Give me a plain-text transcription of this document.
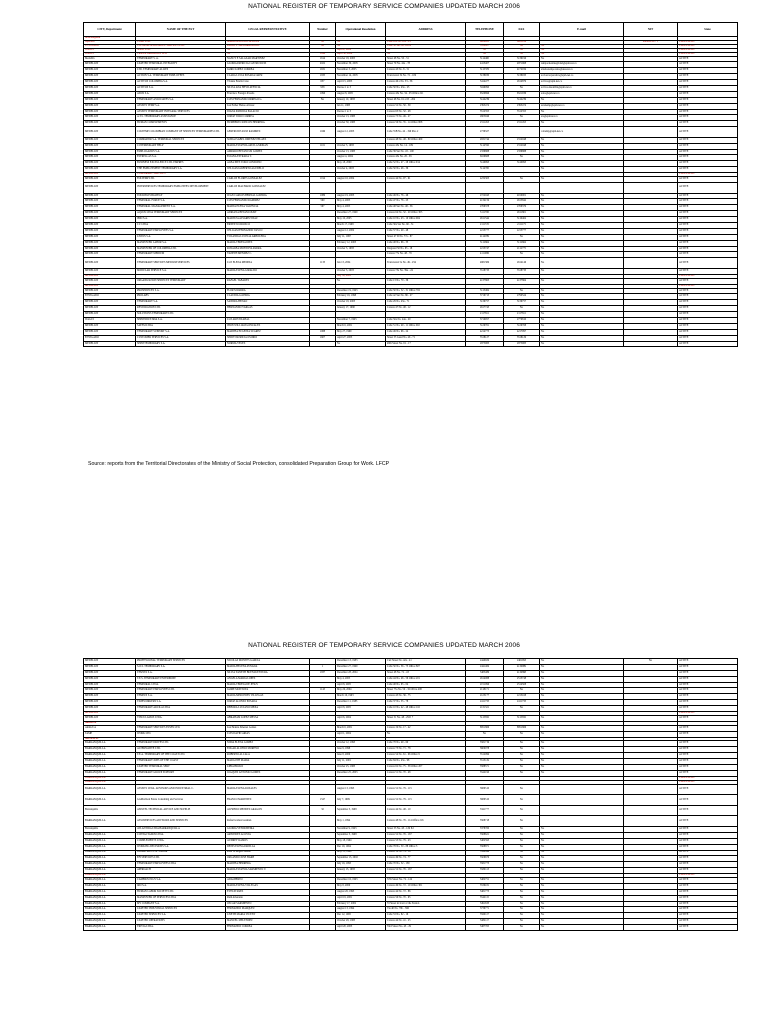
NATIONAL REGISTER OF TEMPORARY SERVICE COMPANIES UPDATED MARCH 2006
CITY, Department	NAME OF THE EST	LEGAL REPRESENTATIVE	Number	Operational Resolution	ADDRESS	TELEPHONE	FAX	E-mail	NIT	State
ANTIOQUIA										
Apartadó	TEMP. LTD.	MARIO ANTONIO BEDOYA	No	No	Calle 100 No. 100 - 23	8280923	8281919		890004700 - 1	CANCELLED
ENVIGADO	TECNICAL ASSISTANCE SERVICES LTD.	PABLO E SALDARRIAGA R.	No	No	Calle 38 Sur No. 43-22	3310007	No	No		CANCELLED
ITAGÜI	SERVI LTD.	No		April 2, 2004	No	No	No	No		CANCELLED
ITAGÜI	TRANSFORMACION LTD.	No	1046	April 30, 2004	No	No	No	No		CANCELLED
Medellín	TEMPORARY S. A.	NANCY E SALAZAR MARTINEZ	1614	October 18, 2005	Street 48 No. 50 - 31	5114460	5139196	No		ACTIVE
MEDELLIN	LIGHTED TEMPORAL INTEGRITY	GLORIA PATRICIA CASTRO RUIZ	2022	November 30, 2005	Street 79 No. 42a - 78	4413407	4871968	temporalesintegridad@epm.net.co		ACTIVE
MEDELLIN	LTD. TEMPORARY ALLIES	JAIRO LOPEZ CORREA	1631	November 3, 2005	Carrera 43 No. 8 - 51	5115376	4172034	aliadostemporales@une.net.co		ACTIVE
MEDELLIN	ACTION S.A. TEMPORARY EMPLOYEES	CLARA LUCIA POSADA GRISI	1935	November 14, 2005	Transversal 34 No. 72 - 109	3138930	3138933	accioncorporativa@epm.net.co		ACTIVE
MEDELLIN	ACTIVOS COLOMBIA S.A.	Viviana Estella Cano	637	April 15, 2005	Carrera 46 a No. 53 - 36	5414477	2614879	activos@epm.net.co		ACTIVE
MEDELLIN	ACTIVOS S.A.	SILVIA ANA HEYD ATENCIA	958	Decree 1 to 3	Calle 50 No. 43a - 25	5049090	No	activos.medellin@epm.net.co		ACTIVE
MEDELLIN	ADOS S.A.	Francisco Fonegra Posada	1096	August 8, 2005	Carrera 43a No. 34 - 95 Office 221	6520696	6521936	ados@epm.net.co		ACTIVE
MEDELLIN	TEMPORARY ASSOCIATES S.A.	LUIS FERNANDO ORREGO G.	No	January 10, 1983	Street 48 No. 61 a 65 - 204	5142239	5142239	No		ACTIVE
MEDELLIN	ASSISTS TEMP S.A.	Luz Esther Henao Alvarez		Jan 11, 1983	Carrera 52 No. 50 - 39	2393474	2393474	asistiemp@epm.net.co		ACTIVE
MEDELLIN	ASSISTS TEMPORARY INTEGRAL SERVICES	DIANA PATRICIA PALACIO		Decree 1 to 3	Carrera 63 No. 32 - 48	3512355	3512355	No		ACTIVE
MEDELLIN	A.T.S. TEMPORARY ASSISTANCE	JORGE TORO CORREA		October 13, 1983	Carrera 75 No. 49 - 27	2605946	No	ats@epm.net.co		ACTIVE
MEDELLIN	HUMAN COMPLEMENTS	HUMBERTO RINCON HERRERA		October 30, 1983	Carrera 56 No. 35 - 14 Office 808	2311453	2311453	No		ACTIVE
MEDELLIN	COLTEMP COLOMBIAN COMPANY OF SERVICES TEMPORARIES LTD.	GERTRUDIS RUIZ RAMIREZ	1049	August 12, 2003	Calle 55B No. 42 - 199 Piso 2	2736327		coltemp@epm.net.co		ACTIVE
MEDELLIN	COMPARTIR S.A. TEMPORAL SERVICES	SONIA ISABEL JIMENEZ PELAEZ			Carrera 48 No. 48 - 80 Office 409	2931744	2312048	No		ACTIVE
MEDELLIN	COTEMPORARY HELP	MARIA EUGENIA ARCILA MORAN	1161	October 3, 1983	Carrera 43a No. 14 - 109	5114556	2312048	No		ACTIVE
MEDELLIN	EMPLOGANOS S.A.	AMPARO BETANCUR GOMEZ		October 13, 1983	Calle 39 Sur No. 43 - 100	2336888	2336888	No		ACTIVE
MEDELLIN	ESTRELLAS S.A.	ELIANA ESTRADA T.		August 4, 2004	Carrera 43a No. 20 - 65	6169688	No	No		ACTIVE
MEDELLIN	BUSINESS EXCELLENCE LTD. EMPRES	ALBA INES TORO LONDOÑO		May 18, 2000	Calle 52 No. 47 - 28 Office 914	5140993	5140993	No		ACTIVE
MEDELLIN	THE EMPLOYMENT TEMPORARY S.A.	WILLIAM ALBERTO AGUDELO		October 4, 2003	Calle 50 No. 46 - 36	5114700		No		ACTIVE
MEDELLIN	TEMPORARY SERVICES									CANCELLED
MEDELLIN	FOLTEMP LTD.	CARLOS FLORES GONZALEZ	1014	August 16, 2004	Carrera 44 No. 97 - 91	4232303	No	No		ACTIVE
MEDELLIN	INTERSERVICES TEMPORARY EMPLOYEES DEVELOPMENT	CARLOS MACHADO GONZALEZ								ACTIVE
MEDELLIN	TOURISM STRATEGY	JUAN CARLOS BERNAL GAVIRIA	1089	August 19, 2003	Calle 49 No. 76 - 46	2722043	4010001	No		ACTIVE
MEDELLIN	TEMPORAL FORCE S.A.	LUIS FERNANDO RAMIREZ	590	May 4, 2005	Calle 47 No. 76 - 23	4134159	2615842	No		ACTIVE
MEDELLIN	TEMPORAL MANAGEMENT S.A.	MARTA ELENA VALENCIA	597	May 4, 2005	Calle 48 Sur No. 48 - 56	2766378	2766379	No		ACTIVE
MEDELLIN	AQUOS LTDA TEMPORARY SERVICES	ADRIANA BETANCOURT		December 27, 1999	Carrera 64 No. 32 - 20 Office 305	3111700	2611801	No		ACTIVE
MEDELLIN	IBIO S.A.	MARITZA ALVAREZ DIAZ		May 10, 2005	Calle 10 No. 43 - 10 Office 904	2611544	5116404	No		ACTIVE
MEDELLIN	J.V. LTDA	ERNESTO OROZCO		March 17, 1998	Calle 30a Sur No. 60 - 51	2111725	2111175	No		ACTIVE
MEDELLIN	TEMPORARY EMPLOYEES S.A.	WILLIAM FERNANDO VASCO		August 12, 2002	Calle 57 No. 49 - 48	2213777	2213777	No		ACTIVE
MEDELLIN	LISTOS S.A.	YOLANDA LUCELIA ARBOLEDA		July 11, 1997	Street 47 D No. 77a - 87	4114039	No	No		ACTIVE
MEDELLIN	MANPOWER LABOR S.A.	MARIA TERESA DIEZ		February 12, 2003	Calle 48 No. 66 - 33	5112664	5112664	No		ACTIVE
MEDELLIN	MANPOWER OF COLOMBIA LTD.	ROSALBA MONTOYA PARRA		October 3, 1983	Diagonal 50 No. 65 - 18	2213747	2112775	No		ACTIVE
MEDELLIN	TEMPORARY MEDIUM	YANETH MENDEZ C.			Carrera 77a No. 48 - 76	4111986	No	No		ACTIVE
MEDELLIN	TEMPORARY SERVICES MEDIUM SERVICES	LUZ ELENA MEDINA	1133	Jun 13, 2004	Transversal 5a No. 49 - 234	4981369	2614146	No		ACTIVE
MEDELLIN	MODULAR SERVICE S.A.	MARIA ELENA GIRALDO		October 3, 2003	Carrera 73a No. 39a - 24	3518733	3518733	No		ACTIVE
MEDELLIN				July 30, 2003						CANCELLED
MEDELLIN	ORGANIZATION SERVICES TEMPORARY	RAFAEL TABARES		No	Calle 13 No. 70 - 36	4137863	4137864	No		ACTIVE
MEDELLIN										CANCELLED
MEDELLIN	PROSERVICES S.A.	FLOR M PARRA		December 19, 1993	Calle 50 No. 52 - 31 Office 702	5113484	No	No		ACTIVE
ENVIGADO	PROLABS	CLAUDIA GAVIRIA		February 19, 1998	Calle 42 Sur No. 86 - 27	3716713	2790524	No		ACTIVE
MEDELLIN	TEMPORARY S.A.	SANDRA HENAO		October 18, 2003	Calle 29 No. 43a - 71	3136757	3136757	No		ACTIVE
MEDELLIN	RESTORATION LTD.	HERNANDO VARGAS		January 17, 1990	Carrera 47 No. 48 - 12	2617743	No	No		ACTIVE
MEDELLIN	SOLUTIONS TEMPORARY LTD.					2117811	2117811	No		ACTIVE
ITAGUI	SERVINDUSTRIA S.A.	LUZ ARISTIZABAL		November 7, 1993	Calle 50a No. 44a - 20	3710957	2770810	No		ACTIVE
MEDELLIN	SATEM LTDA	JHON WILLIAM GONZALEZ		March 6, 2001	Calle 51 No. 49 - 11 Office 910	5129761	5129768	No		ACTIVE
MEDELLIN	TEMPORARY SUPPORT S.A.	MARTHA EUGENIA SUAREZ	1088	May 27, 1999	Calle 49 No. 96 - 24	4214773	4217097	No		ACTIVE
ENVIGADO	CUSTOMER SERVICES S.A.	SINDY PATRICIA OSORIO	1607	April 27, 2003	Street 55 Gaud No. 46 - 71	3518127	3518129	No		ACTIVE
MEDELLIN	SERVITEMPORARY S.A.	NORMA VELEZ		No	48th Street No. 61 - 17	2975983	2975983	No		ACTIVE
Source: reports from the Territorial Directorates of the Ministry of Social Protection, consolidated Preparation Group for Work. LFCP
NATIONAL REGISTER OF TEMPORARY SERVICE COMPANIES UPDATED MARCH 2006
MEDELLIN	PROFESSIONAL TEMPORARY SERVICES	NICOLAS MONTES GARCIA		December 13, 1983	Ciel Street No. 42a - 41	2440929	2461993	No	No	ACTIVE
MEDELLIN	S.O.S. TEMPORARY S.A.	MARIA HELENA POSADA	1	December 27, 1999	Calle 50 No. 36 - 73 Office 807	2441484	4119989	No		ACTIVE
MEDELLIN	TEMVIX S.A.	SILVIA YANETH BUENAVENTURA	1837	December 28, 2004	Street 48 No. 72 - 43	3485489	4119898	No		ACTIVE
MEDELLIN	T.E.S. TEMPORARY ENTERPRISE	ANGELA MARIA LOPEZ		May 4, 2005	Calle 44 No. 46 - 56 Office 201	2614088	2513748	No		ACTIVE
MEDELLIN	TEMPORAL LTDA.	MARIA TERESA DE JESUS		April 8, 2005	Calle 48 No. 65 - 04	2151096	2514508	No		ACTIVE
MEDELLIN	TEMPORARY EMPLOYEES LTD.	JAIME MONTOYA	1145	May 26, 2004	Street 75a No. 50 - 32 Office 408	2118171	No	No		ACTIVE
MEDELLIN	TEMPUS S.A.	MARIA MERCEDES VILLEGAS		March 16, 1993	Carrera 43 No. 36 - 75	2123177	2213168	No		ACTIVE
MEDELLIN	TIMEWORKERS S.A.	JORGE ALONSO POSADA		December 11, 1983	Calle 37 No. 55 - 78	2411733	2411733	No		ACTIVE
MEDELLIN	TEMPORARY ARCILA LTDA	DEBORA LUCIANO MEJIA		April 8, 2005	Calle 10 No. 42 - 48 Office 116	2131321	No	No		ACTIVE
MEDELLIN										CANCELLED
MEDELLIN	VINCULAMOS LTDA.	ABRAHAM LOPEZ MESSA		April 6, 2004	Street 51 No. 48 - 29 P. 7	3115832	3115832	No		ACTIVE
ARAUCA										
ARAUCA	TEMPORARY SERVICES ESSEN LTD.	Luz Helena Jimenez Gomez		March 6, 2001	Carrera 19 No. 17 - 42	8851866	8851866	No		ACTIVE
TAME	WORK LTD.	LUIS DAVID ARIAS		April 1, 2004	No	No	No	No		ACTIVE
ATLANTIC										
BARRANQUILLA	TEMPORARY DRIVES LTD.	NIDIA ELENA GOMEZ		October 12, 1993	Calle 78 No. 49 - 60	3581719	No	No		ACTIVE
BARRANQUILLA	ALTERNATIVE LTD.	EDGAR ALONSO MORENO		June 9, 1998	Carrera 73 No. 71 - 78	3600078	No	No		ACTIVE
BARRANQUILLA	T.E.A. TEMPORARY OF THE COAST LTD.	ROBERTO ALCALA		June 8, 2000	Carrera 54 No. 61 - 96 Office 9	3512099	No	No		ACTIVE
BARRANQUILLA	TEMPORARY JOBS OF THE COAST	MARGOTH MARIA		July 11, 2001	Calle 84 No. 43a - 98	3513119	No	No		ACTIVE
BARRANQUILLA	LIGHTED TEMPORAL SERV	LIBIA BRAVO		October 25, 1983	Carrera 62 No. 75 - 38 Office 207	3588571	No	No		ACTIVE
BARRANQUILLA	TEMPORARY GROUP SUPPORT	JOAQUIN ANTONIO GOMEZ		December 25, 2003	Carrera 51 No. 70 - 48	3542190	No	No		ACTIVE
BARRANQUILLA										CANCELLED
BARRANQUILLA										CANCELLED
BARRANQUILLA	ASSISTS LTDA. ADVISORS AND INDUSTRIAL C.	MARIA ELENA ROSALES		August 13, 1993	Carrera 52 No. 79 - 115	3686510	No			ACTIVE
BARRANQUILLA	GAMA Real Estate Consulting and Services	FRANCO MARTINEZ	1547	July 7, 1999	Carrera 52 No. 79 - 115	3686510	No			ACTIVE
Barranquilla	ASIXTEL TECHNICAL ADVICE AND SUPPLIE	ALFREDO MENDEZ ARAGON	32	September 3, 1998	Carrera 44 No. 48 - 10	3341777	No			ACTIVE
BARRANQUILLA	ASSOSERVICES ADVISORS AND SERVICES	Rafael Gómez Guzman		May 1, 1994	Carrera 48 No. 76 - 114 Office 216	3568718	No			ACTIVE
Barranquilla	ATLÁNTIDA LTDA BARRANQUILLA	GLORIA VENDONEIRA		November 9, 1993	Street 53 No. 43 - 129 P.2	3378760	No	No		ACTIVE
BARRANQUILLA	CONTACTADOS LTDA.	ARISTIDES ACOSTA		September 3, 1998	Carrera 52 No. 76 - 167	3568621	No	No		ACTIVE
BARRANQUILLA	COMPLEMENTS LTDA.	AUDREY RAMOS		May 18, 1994	Carrera 53 No. 79 - 43	3482593	No	No		ACTIVE
BARRANQUILLA	WORKING DECISIONS S.A.	DENIS ELENA PADILLA		Dec 19, 1994	Calle 78 No. 50 - 88 Office 3	3568871	No	No		ACTIVE
BARRANQUILLA	DEPARTMENT OF LABOR	Peter of Angelo Henao		May 11, 1999	Carrera 56 No. 74 - 56	3540844	No	No		ACTIVE
BARRANQUILLA	EFI SERVICES LTD.	ORLANDO JOSE HARB		September 13, 2002	Carrera 49 No. 74 - 77	3506676	No	No		ACTIVE
BARRANQUILLA	TEMPORARY EMPLOYEES LTDA	MARTHA HERRERA		July 16, 1995	Calle 70 No. 52 - 139	3581773	No	No		ACTIVE
BARRANQUILLA	APPROACH	MARIA EUGENIA SARMIENTO V.		January 13, 1983	Carrera 52 No. 76 - 167	3580113	No	No		ACTIVE
BARRANQUILLA										CANCELLED
BARRANQUILLA	CAMBIOS PLUS S.A.	ADALBERTO		December 16, 1993	57th Street No. 72 - 124	3482751	No	No		ACTIVE
BARRANQUILLA	IRO S.A.	MARIA ELENA VILLEGAS		May 8, 2000	Carrera 49 No. 72 - 19 Office 301	3536181	No	No		ACTIVE
BARRANQUILLA	HUMAN LABOR SOCIETY LTD.	EVELIN PAEZ		August 26, 1993	Carrera 44 No. 72 - 86	3481773	No	No		ACTIVE
BARRANQUILLA	MANPOWER OF SERVICES LTDA	Ruth Amarante		April 19, 2001	Carrera 56 No. 70 - 95	3542115	No	No		ACTIVE
BARRANQUILLA	MY COMPANY S.A.	OSCAR SARMIENTO		February 17, 2002	53 Street in front of the Station	3491633	No	No		ACTIVE
BARRANQUILLA	LIGHTED INDUSTRIAL SERVICES	FERNANDO MARQUEZ		August 13, 1994	Via 40 No. 79b - 396	3736771	No	No		ACTIVE
BARRANQUILLA	LIGHTED SERVICES S.A.	LISETH MARIA VICENT		Dec 12, 1995	Calle 53 No. 82 - 16	3560117	No	No		ACTIVE
BARRANQUILLA	LIGHTED OPERATIONS	MANUEL MELENDEZ		October 28, 1983	Carrera 44 No. 41 - 25	3482117	No	No		ACTIVE
BARRANQUILLA	TRIVIA LTDA.	FERNANDO CORREA		April 20, 2003	33rd Street No. 43 - 29	3487765	No	No		ACTIVE
